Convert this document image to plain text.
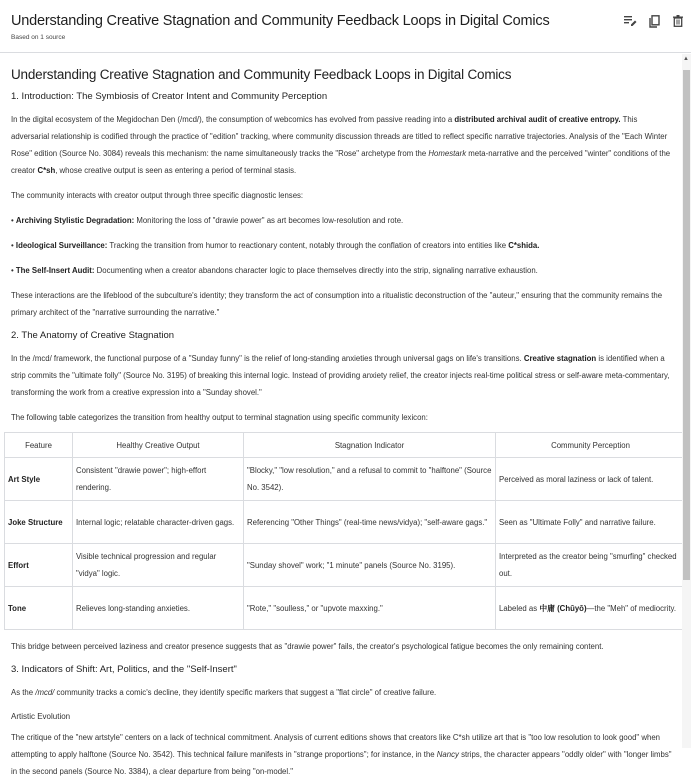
Understanding Creative Stagnation and Community Feedback Loops in Digital Comics
Based on 1 source
Understanding Creative Stagnation and Community Feedback Loops in Digital Comics
1. Introduction: The Symbiosis of Creator Intent and Community Perception

In the digital ecosystem of the Megidochan Den (/mcd/), the consumption of webcomics has evolved from passive reading into a distributed archival audit of creative entropy. This adversarial relationship is codified through the practice of "edition" tracking, where community discussion threads are titled to reflect specific narrative trajectories. Analysis of the "Each Winter Rose" edition (Source No. 3084) reveals this mechanism: the name simultaneously tracks the "Rose" archetype from the Homestark meta-narrative and the perceived "winter" conditions of the creator C*sh, whose creative output is seen as entering a period of terminal stasis.

The community interacts with creator output through three specific diagnostic lenses:

• Archiving Stylistic Degradation: Monitoring the loss of "drawie power" as art becomes low-resolution and rote.

• Ideological Surveillance: Tracking the transition from humor to reactionary content, notably through the conflation of creators into entities like C*shida.

• The Self-Insert Audit: Documenting when a creator abandons character logic to place themselves directly into the strip, signaling narrative exhaustion.

These interactions are the lifeblood of the subculture's identity; they transform the act of consumption into a ritualistic deconstruction of the "auteur," ensuring that the community remains the primary architect of the "narrative surrounding the narrative."

2. The Anatomy of Creative Stagnation

In the /mcd/ framework, the functional purpose of a "Sunday funny" is the relief of long-standing anxieties through universal gags on life's transitions. Creative stagnation is identified when a strip commits the "ultimate folly" (Source No. 3195) of breaking this internal logic. Instead of providing anxiety relief, the creator injects real-time political stress or self-aware meta-commentary, transforming the work from a creative expression into a "Sunday shovel."

The following table categorizes the transition from healthy output to terminal stagnation using specific community lexicon:

Feature	Healthy Creative Output	Stagnation Indicator	Community Perception
Art Style	Consistent "drawie power"; high-effort rendering.	"Blocky," "low resolution," and a refusal to commit to "halftone" (Source No. 3542).	Perceived as moral laziness or lack of talent.
Joke Structure	Internal logic; relatable character-driven gags.	Referencing "Other Things" (real-time news/vidya); "self-aware gags."	Seen as "Ultimate Folly" and narrative failure.
Effort	Visible technical progression and regular "vidya" logic.	"Sunday shovel" work; "1 minute" panels (Source No. 3195).	Interpreted as the creator being "smurfing" checked out.
Tone	Relieves long-standing anxieties.	"Rote," "soulless," or "upvote maxxing."	Labeled as 中庸 (Chūyō)—the "Meh" of mediocrity.

This bridge between perceived laziness and creator presence suggests that as "drawie power" fails, the creator's psychological fatigue becomes the only remaining content.

3. Indicators of Shift: Art, Politics, and the "Self-Insert"

As the /mcd/ community tracks a comic's decline, they identify specific markers that suggest a "flat circle" of creative failure.

Artistic Evolution

The critique of the "new artstyle" centers on a lack of technical commitment. Analysis of current editions shows that creators like C*sh utilize art that is "too low resolution to look good" when attempting to apply halftone (Source No. 3542). This technical failure manifests in "strange proportions"; for instance, in the Nancy strips, the character appears "oddly older" with "longer limbs" in the second panels (Source No. 3384), a clear departure from being "on-model."

▲
